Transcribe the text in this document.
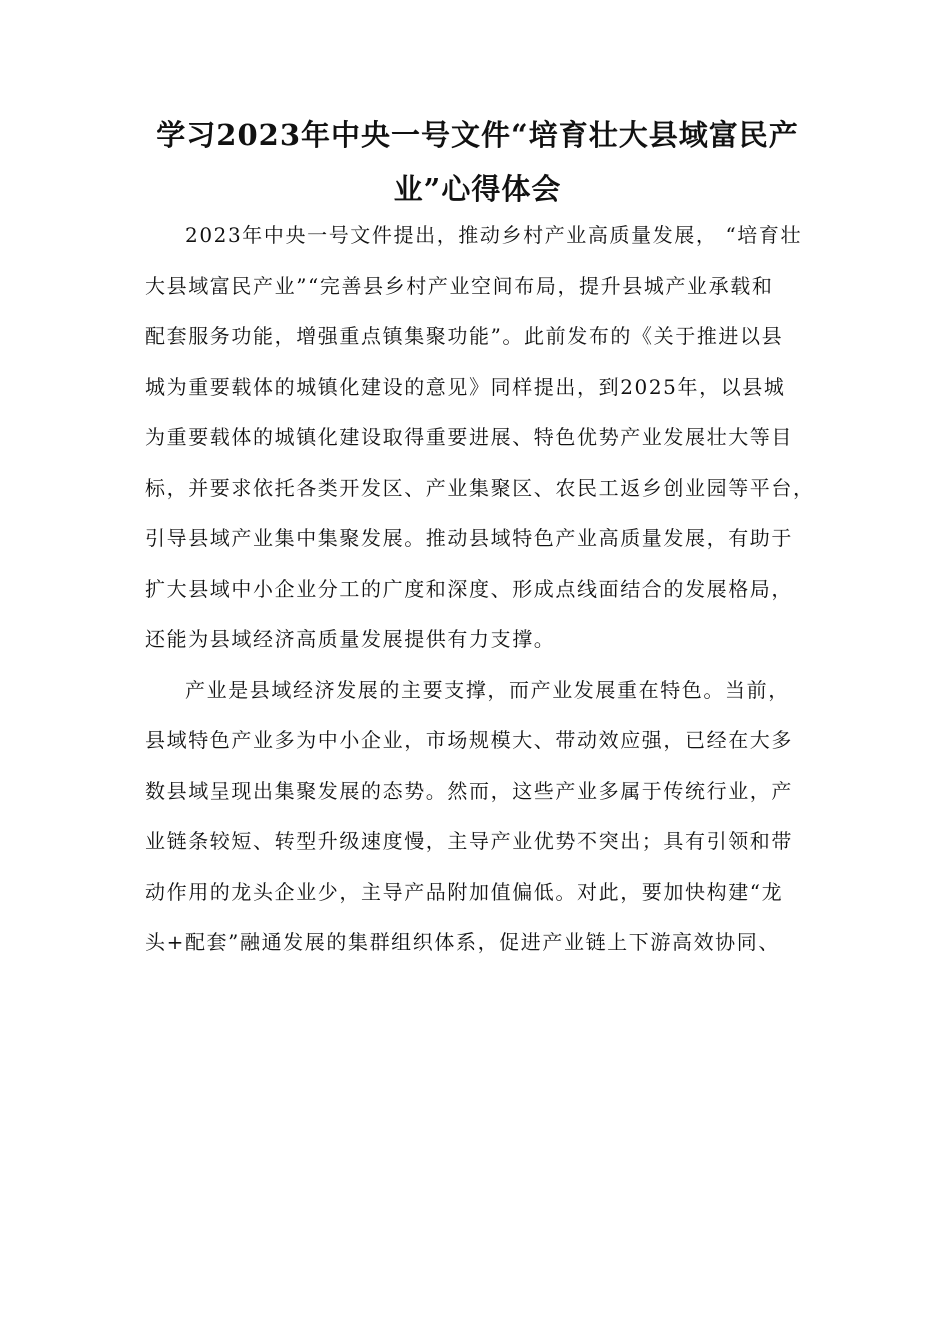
学习2023年中央一号文件“培育壮大县域富民产
业”心得体会
2023年中央一号文件提出，推动乡村产业高质量发展， “培育壮
大县域富民产业”“完善县乡村产业空间布局，提升县城产业承载和
配套服务功能，增强重点镇集聚功能”。此前发布的《关于推进以县
城为重要载体的城镇化建设的意见》同样提出，到2025年，以县城
为重要载体的城镇化建设取得重要进展、特色优势产业发展壮大等目
标，并要求依托各类开发区、产业集聚区、农民工返乡创业园等平台，
引导县域产业集中集聚发展。推动县域特色产业高质量发展，有助于
扩大县域中小企业分工的广度和深度、形成点线面结合的发展格局，
还能为县域经济高质量发展提供有力支撑。
产业是县域经济发展的主要支撑，而产业发展重在特色。当前，
县域特色产业多为中小企业，市场规模大、带动效应强，已经在大多
数县域呈现出集聚发展的态势。然而，这些产业多属于传统行业，产
业链条较短、转型升级速度慢，主导产业优势不突出；具有引领和带
动作用的龙头企业少，主导产品附加值偏低。对此，要加快构建“龙
头+配套”融通发展的集群组织体系，促进产业链上下游高效协同、
